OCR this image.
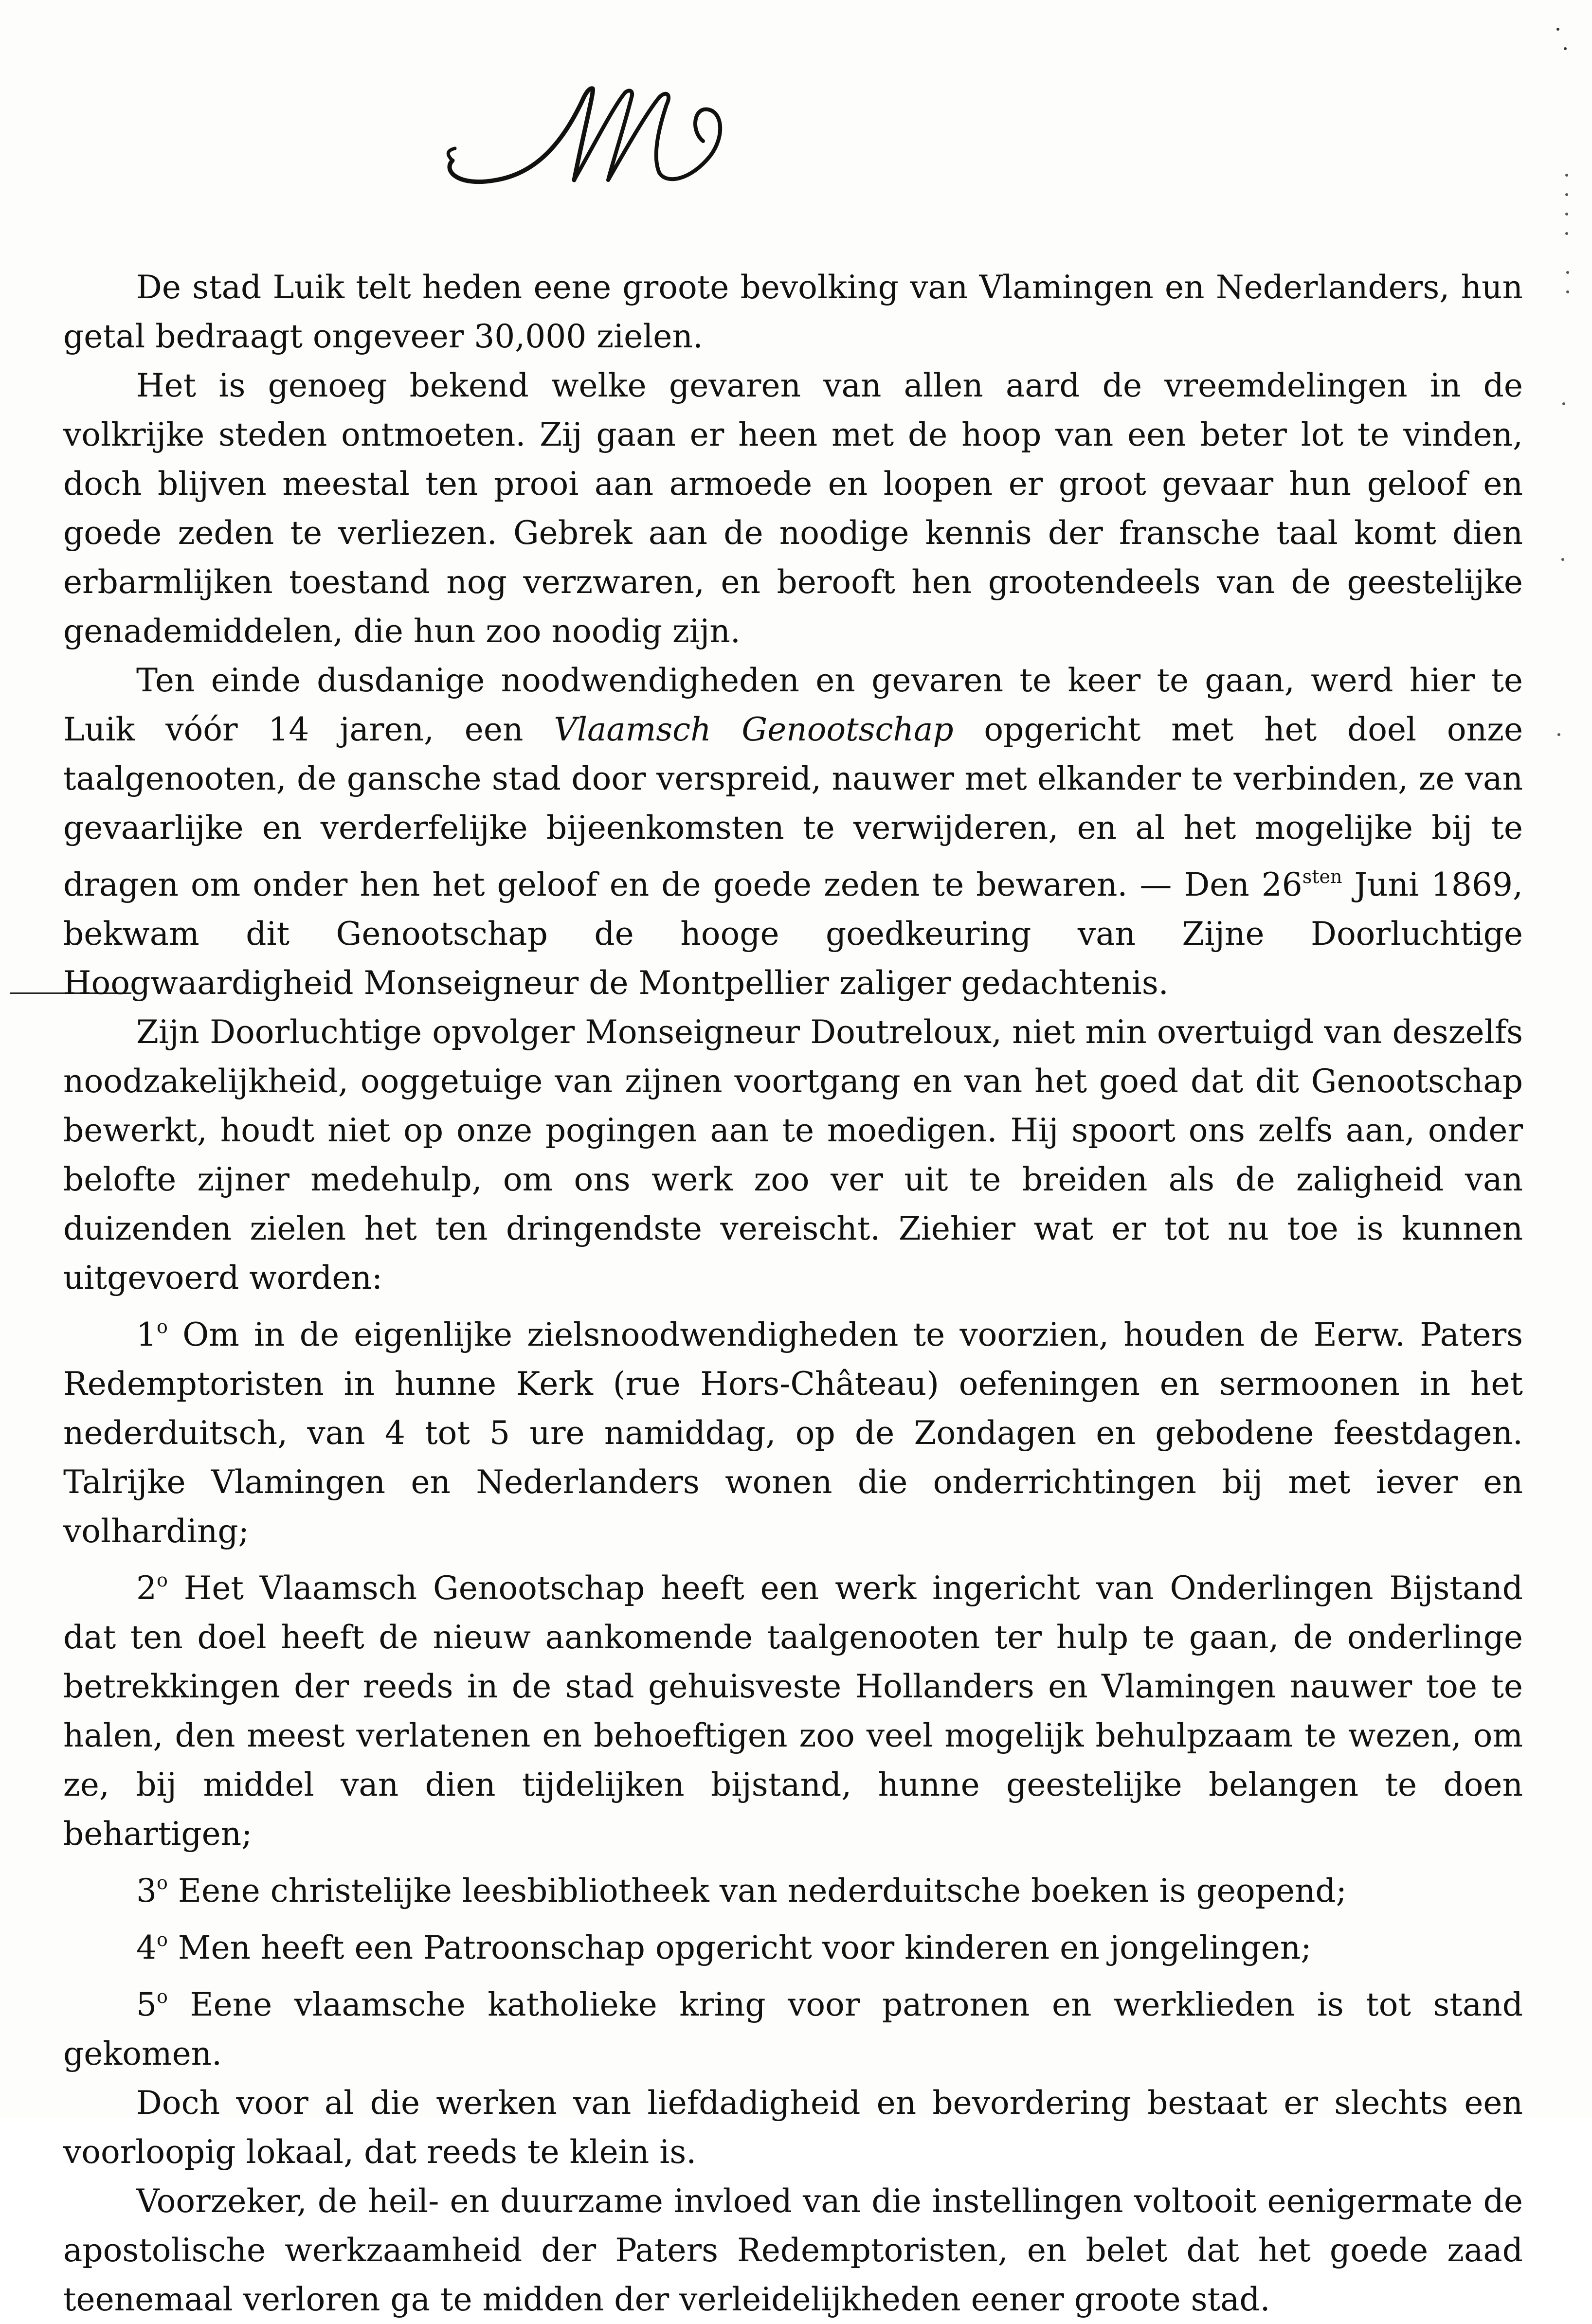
De stad Luik telt heden eene groote bevolking van Vlamingen en Nederlanders, hun getal bedraagt ongeveer 30,000 zielen.

Het is genoeg bekend welke gevaren van allen aard de vreemdelingen in de volkrijke steden ontmoeten. Zij gaan er heen met de hoop van een beter lot te vinden, doch blijven meestal ten prooi aan armoede en loopen er groot gevaar hun geloof en goede zeden te verliezen. Gebrek aan de noodige kennis der fransche taal komt dien erbarmlijken toestand nog verzwaren, en berooft hen grootendeels van de geestelijke genademiddelen, die hun zoo noodig zijn.

Ten einde dusdanige noodwendigheden en gevaren te keer te gaan, werd hier te Luik vóór 14 jaren, een Vlaamsch Genootschap opgericht met het doel onze taalgenooten, de gansche stad door verspreid, nauwer met elkander te verbinden, ze van gevaarlijke en verderfelijke bijeenkomsten te verwijderen, en al het mogelijke bij te dragen om onder hen het geloof en de goede zeden te bewaren. — Den $26^{sten}$ Juni 1869, bekwam dit Genootschap de hooge goedkeuring van Zijne Doorluchtige Hoogwaardigheid Monseigneur de Montpellier zaliger gedachtenis.

Zijn Doorluchtige opvolger Monseigneur Doutreloux, niet min overtuigd van deszelfs noodzakelijkheid, ooggetuige van zijnen voortgang en van het goed dat dit Genootschap bewerkt, houdt niet op onze pogingen aan te moedigen. Hij spoort ons zelfs aan, onder belofte zijner medehulp, om ons werk zoo ver uit te breiden als de zaligheid van duizenden zielen het ten dringendste vereischt. Ziehier wat er tot nu toe is kunnen uitgevoerd worden:

1$^o$ Om in de eigenlijke zielsnoodwendigheden te voorzien, houden de Eerw. Paters Redemptoristen in hunne Kerk (rue Hors-Château) oefeningen en sermoonen in het nederduitsch, van 4 tot 5 ure namiddag, op de Zondagen en gebodene feestdagen. Talrijke Vlamingen en Nederlanders wonen die onderrichtingen bij met iever en volharding;

2$^o$ Het Vlaamsch Genootschap heeft een werk ingericht van Onderlingen Bijstand dat ten doel heeft de nieuw aankomende taalgenooten ter hulp te gaan, de onderlinge betrekkingen der reeds in de stad gehuisveste Hollanders en Vlamingen nauwer toe te halen, den meest verlatenen en behoeftigen zoo veel mogelijk behulpzaam te wezen, om ze, bij middel van dien tijdelijken bijstand, hunne geestelijke belangen te doen behartigen;

3$^o$ Eene christelijke leesbibliotheek van nederduitsche boeken is geopend;

4$^o$ Men heeft een Patroonschap opgericht voor kinderen en jongelingen;

5$^o$ Eene vlaamsche katholieke kring voor patronen en werklieden is tot stand gekomen.

Doch voor al die werken van liefdadigheid en bevordering bestaat er slechts een voorloopig lokaal, dat reeds te klein is.

Voorzeker, de heil- en duurzame invloed van die instellingen voltooit eenigermate de apostolische werkzaamheid der Paters Redemptoristen, en belet dat het goede zaad teenemaal verloren ga te midden der verleidelijkheden eener groote stad.
